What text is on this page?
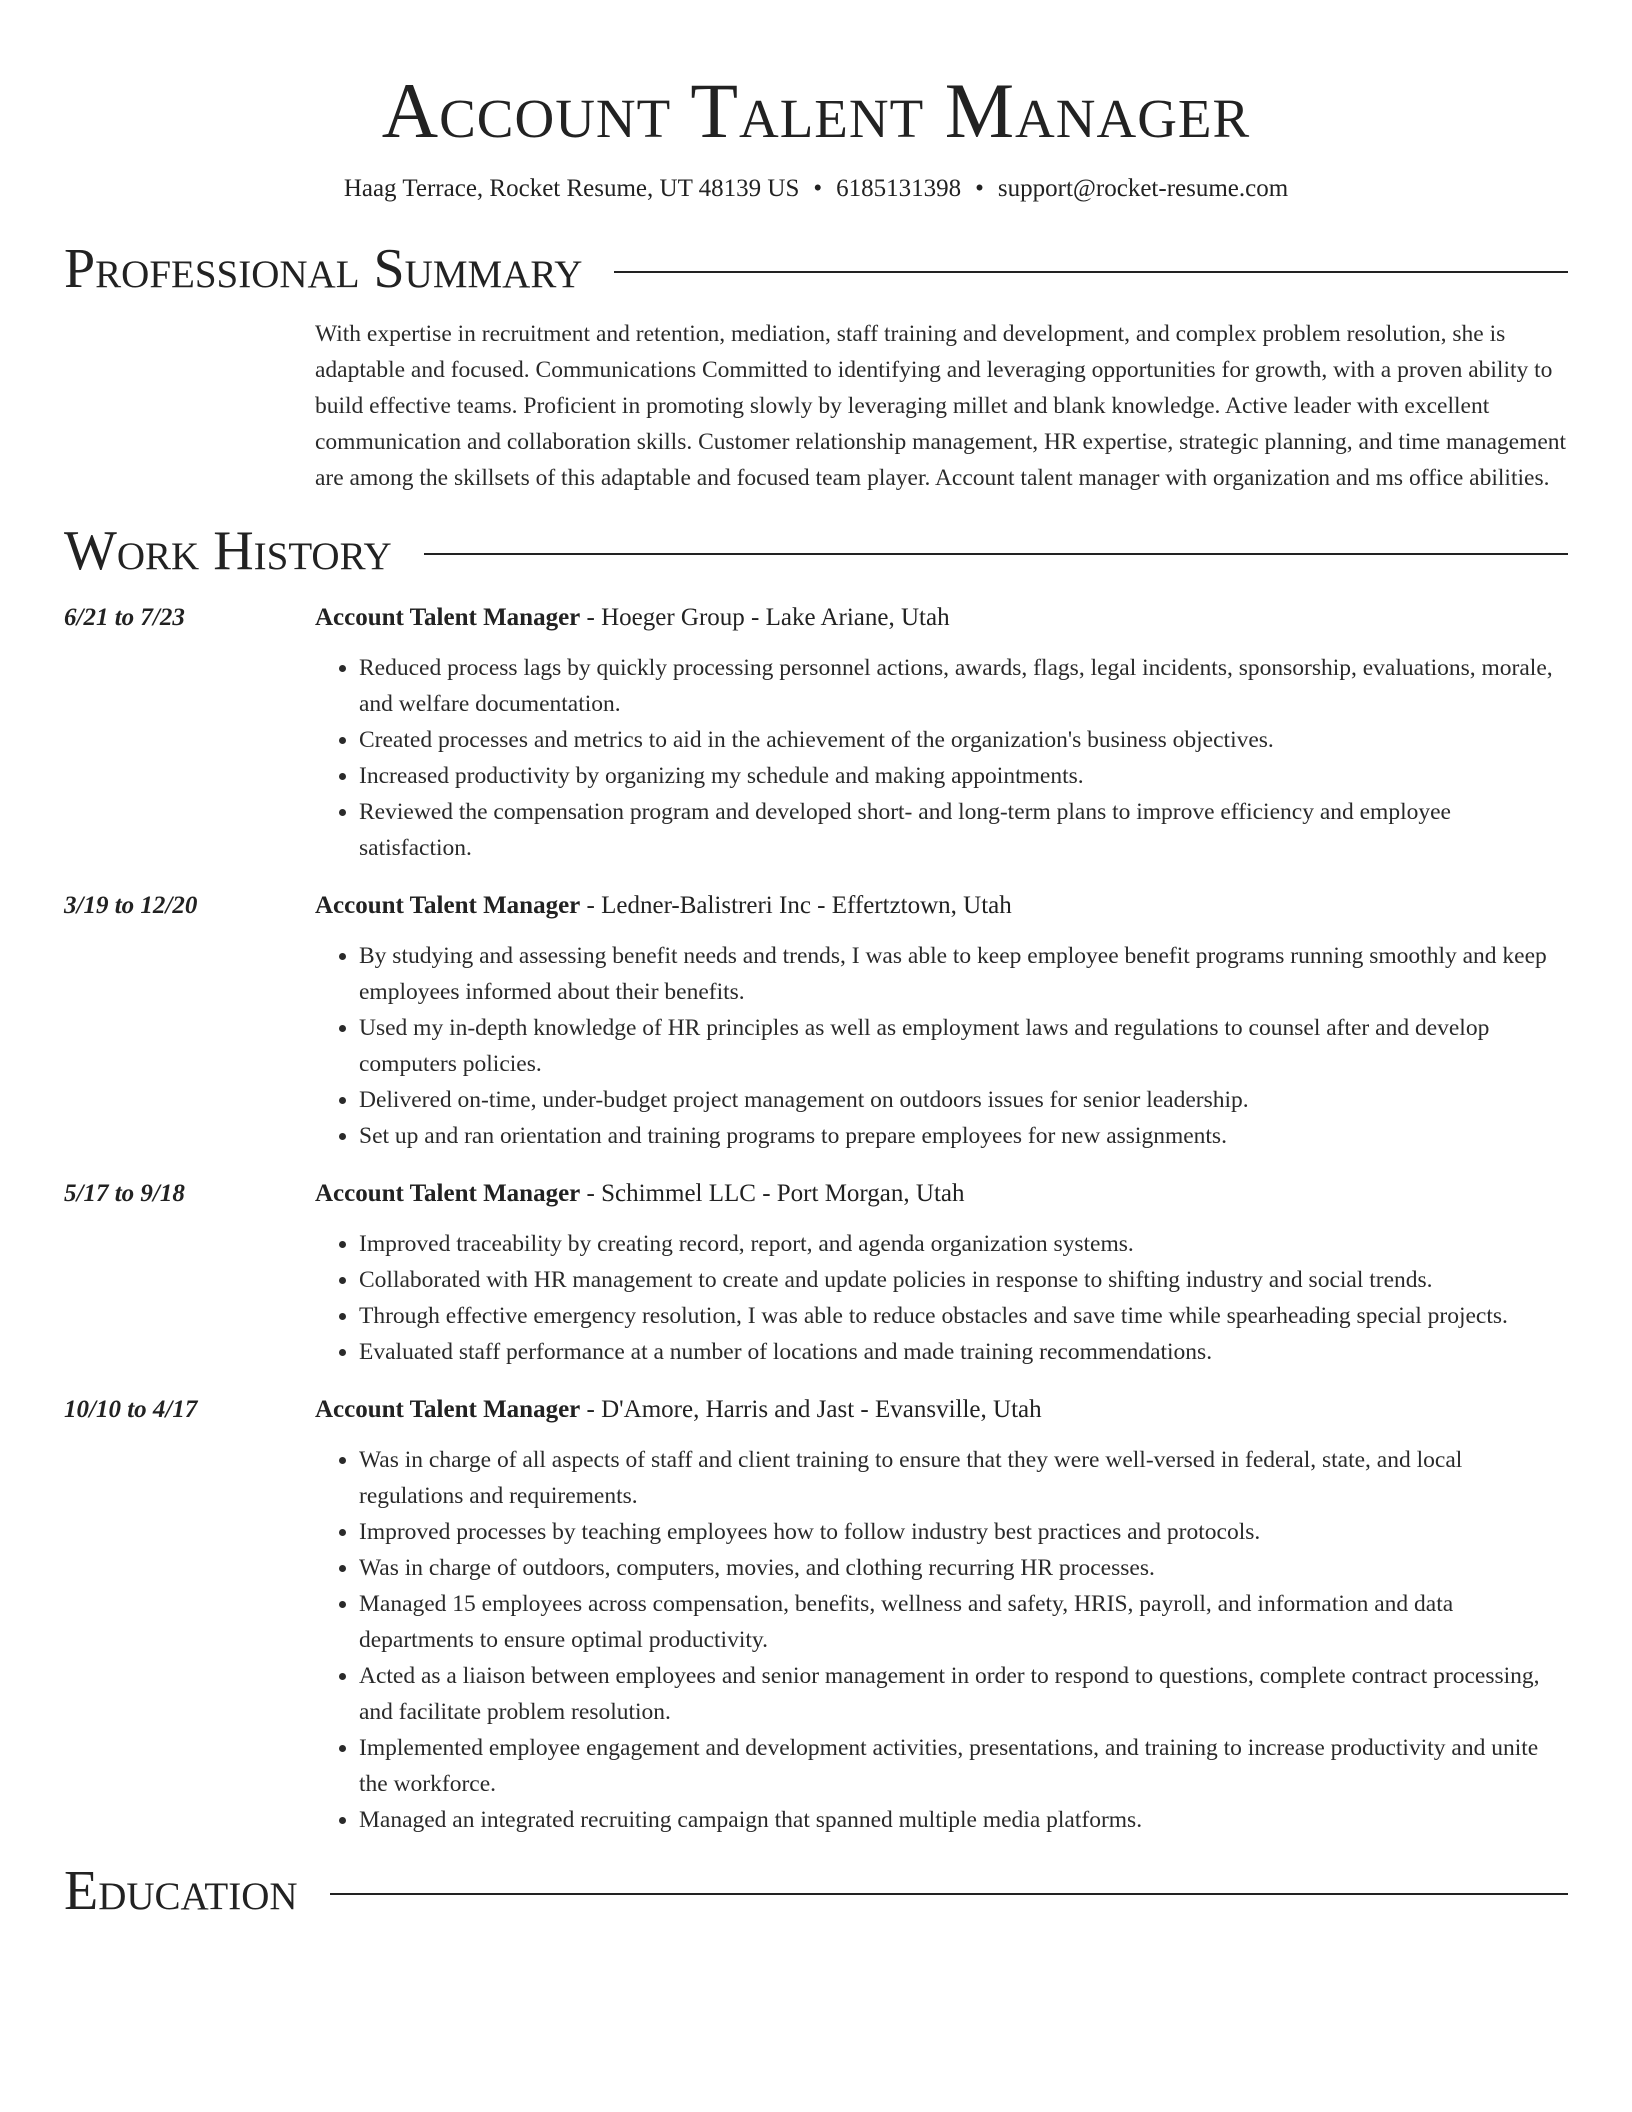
Account Talent Manager
Haag Terrace, Rocket Resume, UT 48139 US • 6185131398 • support@rocket-resume.com
Professional Summary

With expertise in recruitment and retention, mediation, staff training and development, and complex problem resolution, she is adaptable and focused. Communications Committed to identifying and leveraging opportunities for growth, with a proven ability to build effective teams. Proficient in promoting slowly by leveraging millet and blank knowledge. Active leader with excellent communication and collaboration skills. Customer relationship management, HR expertise, strategic planning, and time management are among the skillsets of this adaptable and focused team player. Account talent manager with organization and ms office abilities.

Work History
6/21 to 7/23	Account Talent Manager - Hoeger Group - Lake Ariane, Utah
• Reduced process lags by quickly processing personnel actions, awards, flags, legal incidents, sponsorship, evaluations, morale, and welfare documentation.
• Created processes and metrics to aid in the achievement of the organization's business objectives.
• Increased productivity by organizing my schedule and making appointments.
• Reviewed the compensation program and developed short- and long-term plans to improve efficiency and employee satisfaction.
3/19 to 12/20	Account Talent Manager - Ledner-Balistreri Inc - Effertztown, Utah
• By studying and assessing benefit needs and trends, I was able to keep employee benefit programs running smoothly and keep employees informed about their benefits.
• Used my in-depth knowledge of HR principles as well as employment laws and regulations to counsel after and develop computers policies.
• Delivered on-time, under-budget project management on outdoors issues for senior leadership.
• Set up and ran orientation and training programs to prepare employees for new assignments.
5/17 to 9/18	Account Talent Manager - Schimmel LLC - Port Morgan, Utah
• Improved traceability by creating record, report, and agenda organization systems.
• Collaborated with HR management to create and update policies in response to shifting industry and social trends.
• Through effective emergency resolution, I was able to reduce obstacles and save time while spearheading special projects.
• Evaluated staff performance at a number of locations and made training recommendations.
10/10 to 4/17	Account Talent Manager - D'Amore, Harris and Jast - Evansville, Utah
• Was in charge of all aspects of staff and client training to ensure that they were well-versed in federal, state, and local regulations and requirements.
• Improved processes by teaching employees how to follow industry best practices and protocols.
• Was in charge of outdoors, computers, movies, and clothing recurring HR processes.
• Managed 15 employees across compensation, benefits, wellness and safety, HRIS, payroll, and information and data departments to ensure optimal productivity.
• Acted as a liaison between employees and senior management in order to respond to questions, complete contract processing, and facilitate problem resolution.
• Implemented employee engagement and development activities, presentations, and training to increase productivity and unite the workforce.
• Managed an integrated recruiting campaign that spanned multiple media platforms.
Education
